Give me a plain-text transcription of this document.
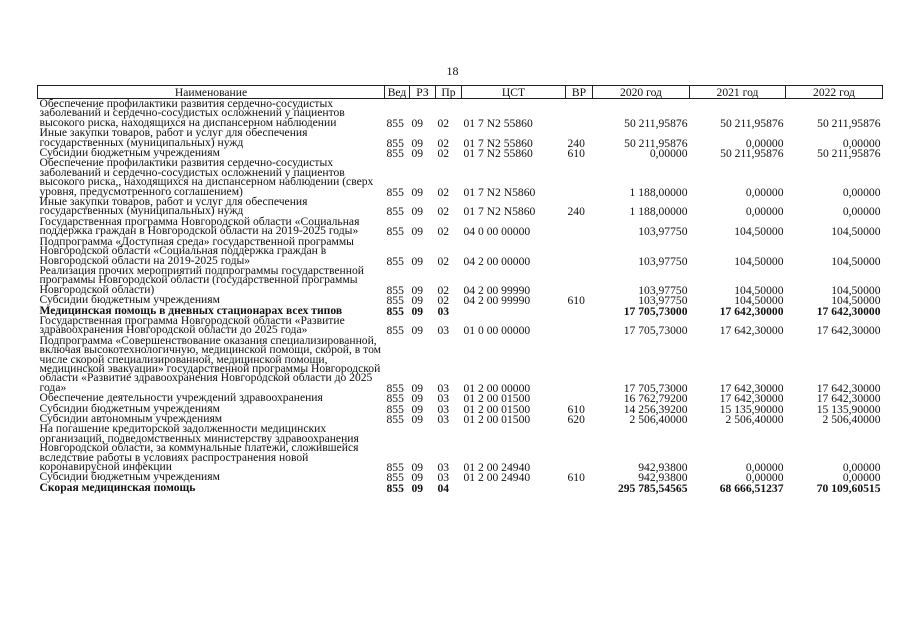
18
Наименование	Вед	РЗ	Пр	ЦСТ	ВР	2020 год	2021 год	2022 год
Обеспечение профилактики развития сердечно-сосудистых заболеваний и сердечно-сосудистых осложнений у пациентов высокого риска, находящихся на диспансерном наблюдении	855	09	02	01 7 N2 55860		50 211,95876	50 211,95876	50 211,95876
Иные закупки товаров, работ и услуг для обеспечения государственных (муниципальных) нужд	855	09	02	01 7 N2 55860	240	50 211,95876	0,00000	0,00000
Субсидии бюджетным учреждениям	855	09	02	01 7 N2 55860	610	0,00000	50 211,95876	50 211,95876
Обеспечение профилактики развития сердечно-сосудистых заболеваний и сердечно-сосудистых осложнений у пациентов высокого риска,, находящихся на диспансерном наблюдении (сверх уровня, предусмотренного соглашением)	855	09	02	01 7 N2 N5860		1 188,00000	0,00000	0,00000
Иные закупки товаров, работ и услуг для обеспечения государственных (муниципальных) нужд	855	09	02	01 7 N2 N5860	240	1 188,00000	0,00000	0,00000
Государственная программа Новгородской области «Социальная поддержка граждан в Новгородской области на 2019-2025 годы»	855	09	02	04 0 00 00000		103,97750	104,50000	104,50000
Подпрограмма «Доступная среда» государственной программы Новгородской области «Социальная поддержка граждан в Новгородской области на 2019-2025 годы»	855	09	02	04 2 00 00000		103,97750	104,50000	104,50000
Реализация прочих мероприятий подпрограммы государственной программы Новгородской области (государственной программы Новгородской области)	855	09	02	04 2 00 99990		103,97750	104,50000	104,50000
Субсидии бюджетным учреждениям	855	09	02	04 2 00 99990	610	103,97750	104,50000	104,50000
Медицинская помощь в дневных стационарах всех типов	855	09	03			17 705,73000	17 642,30000	17 642,30000
Государственная программа Новгородской области «Развитие здравоохранения Новгородской области до 2025 года»	855	09	03	01 0 00 00000		17 705,73000	17 642,30000	17 642,30000
Подпрограмма «Совершенствование оказания специализированной, включая высокотехнологичную, медицинской помощи, скорой, в том числе скорой специализированной, медицинской помощи, медицинской эвакуации» государственной программы Новгородской области «Развитие здравоохранения Новгородской области до 2025 года»	855	09	03	01 2 00 00000		17 705,73000	17 642,30000	17 642,30000
Обеспечение деятельности учреждений здравоохранения	855	09	03	01 2 00 01500		16 762,79200	17 642,30000	17 642,30000
Субсидии бюджетным учреждениям	855	09	03	01 2 00 01500	610	14 256,39200	15 135,90000	15 135,90000
Субсидии автономным учреждениям	855	09	03	01 2 00 01500	620	2 506,40000	2 506,40000	2 506,40000
На погашение кредиторской задолженности медицинских организаций, подведомственных министерству здравоохранения Новгородской области, за коммунальные платежи, сложившейся вследствие работы в условиях распространения новой коронавирусной инфекции	855	09	03	01 2 00 24940		942,93800	0,00000	0,00000
Субсидии бюджетным учреждениям	855	09	03	01 2 00 24940	610	942,93800	0,00000	0,00000
Скорая медицинская помощь	855	09	04			295 785,54565	68 666,51237	70 109,60515
